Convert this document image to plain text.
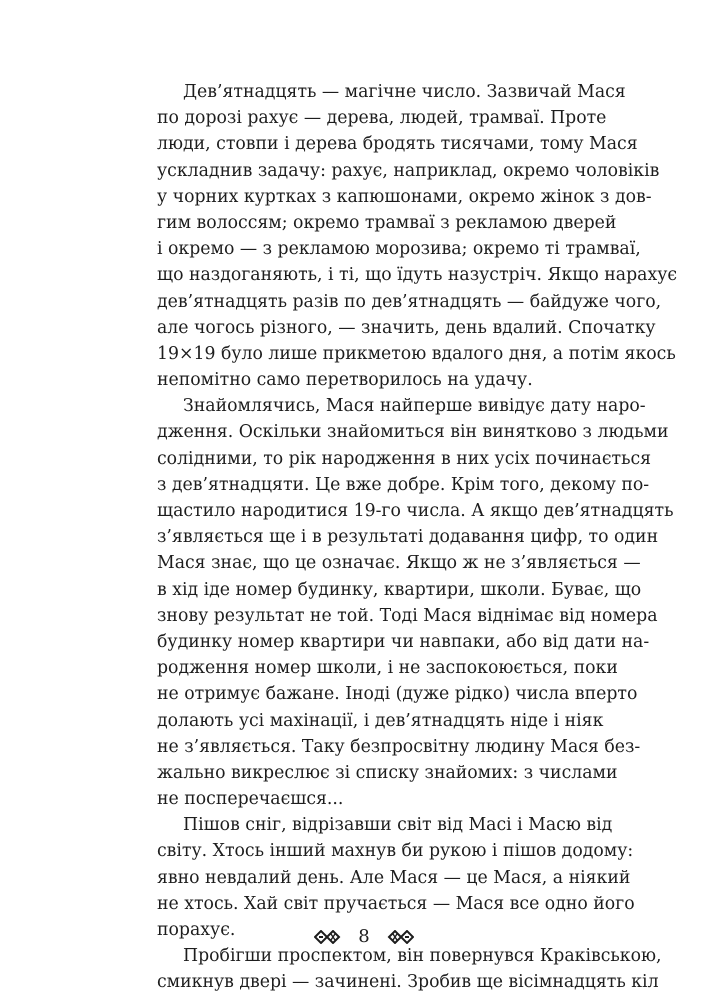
Дев’ятнадцять — магічне число. Зазвичай Мася
по дорозі рахує — дерева, людей, трамваї. Проте
люди, стовпи і дерева бродять тисячами, тому Мася
ускладнив задачу: рахує, наприклад, окремо чоловіків
у чорних куртках з капюшонами, окремо жінок з дов-
гим волоссям; окремо трамваї з рекламою дверей
і окремо — з рекламою морозива; окремо ті трамваї,
що наздоганяють, і ті, що їдуть назустріч. Якщо нарахує
дев’ятнадцять разів по дев’ятнадцять — байдуже чого,
але чогось різного, — значить, день вдалий. Спочатку
19×19 було лише прикметою вдалого дня, а потім якось
непомітно само перетворилось на удачу.
Знайомлячись, Мася найперше вивідує дату наро-
дження. Оскільки знайомиться він винятково з людьми
солідними, то рік народження в них усіх починається
з дев’ятнадцяти. Це вже добре. Крім того, декому по-
щастило народитися 19-го числа. А якщо дев’ятнадцять
з’являється ще і в результаті додавання цифр, то один
Мася знає, що це означає. Якщо ж не з’являється —
в хід іде номер будинку, квартири, школи. Буває, що
знову результат не той. Тоді Мася віднімає від номера
будинку номер квартири чи навпаки, або від дати на-
родження номер школи, і не заспокоюється, поки
не отримує бажане. Іноді (дуже рідко) числа вперто
долають усі махінації, і дев’ятнадцять ніде і ніяк
не з’являється. Таку безпросвітну людину Мася без-
жально викреслює зі списку знайомих: з числами
не посперечаєшся...
Пішов сніг, відрізавши світ від Масі і Масю від
світу. Хтось інший махнув би рукою і пішов додому:
явно невдалий день. Але Мася — це Мася, а ніякий
не хтось. Хай світ пручається — Мася все одно його
порахує.
Пробігши проспектом, він повернувся Краківською,
смикнув двері — зачинені. Зробив ще вісімнадцять кіл
8
